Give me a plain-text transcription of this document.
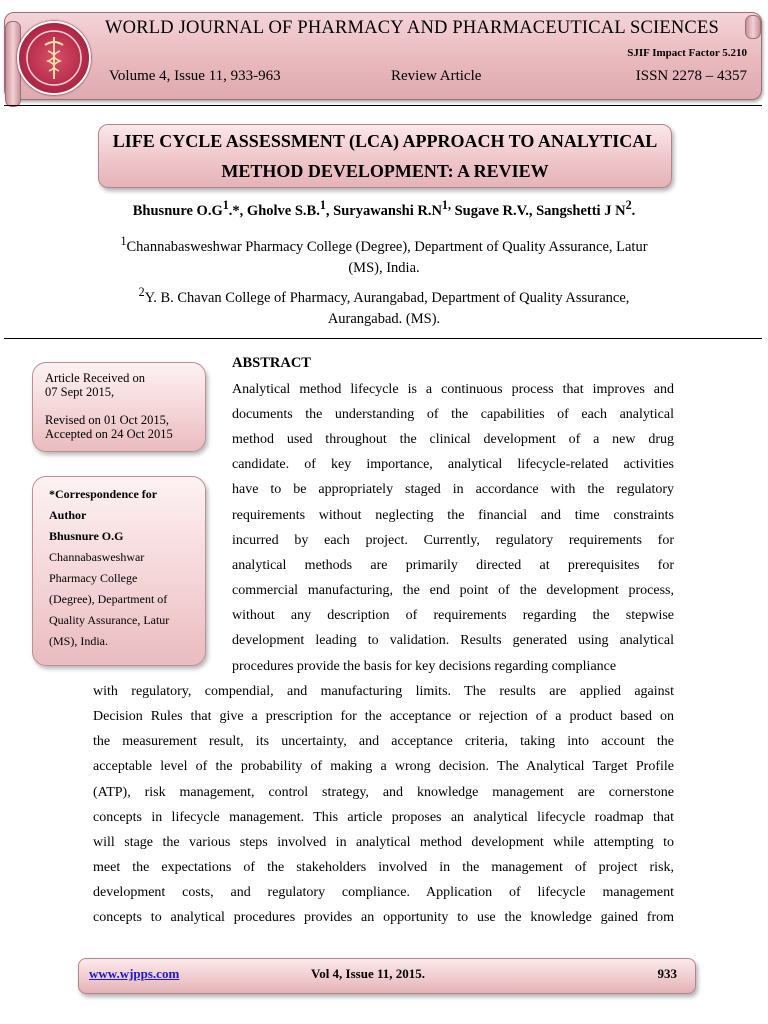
WORLD JOURNAL OF PHARMACY AND PHARMACEUTICAL SCIENCES
SJIF Impact Factor 5.210
Volume 4, Issue 11, 933-963	Review Article	ISSN 2278 – 4357
LIFE CYCLE ASSESSMENT (LCA) APPROACH TO ANALYTICAL
METHOD DEVELOPMENT: A REVIEW
Bhusnure $O.G^1.*$, Gholve S.B.$^1$, Suryawanshi $R.N^{1,}$ Sugave R.V., Sangshetti J $N^2$.
$^1$Channabasweshwar Pharmacy College (Degree), Department of Quality Assurance, Latur
(MS), India.
$^2$Y. B. Chavan College of Pharmacy, Aurangabad, Department of Quality Assurance,
Aurangabad. (MS).
Article Received on
07 Sept 2015,
Revised on 01 Oct 2015,
Accepted on 24 Oct 2015
*Correspondence for
Author
Bhusnure O.G
Channabasweshwar
Pharmacy College
(Degree), Department of
Quality Assurance, Latur
(MS), India.
ABSTRACT
Analytical method lifecycle is a continuous process that improves and
documents the understanding of the capabilities of each analytical
method used throughout the clinical development of a new drug
candidate. of key importance, analytical lifecycle-related activities
have to be appropriately staged in accordance with the regulatory
requirements without neglecting the financial and time constraints
incurred by each project. Currently, regulatory requirements for
analytical methods are primarily directed at prerequisites for
commercial manufacturing, the end point of the development process,
without any description of requirements regarding the stepwise
development leading to validation. Results generated using analytical
procedures provide the basis for key decisions regarding compliance
with regulatory, compendial, and manufacturing limits. The results are applied against
Decision Rules that give a prescription for the acceptance or rejection of a product based on
the measurement result, its uncertainty, and acceptance criteria, taking into account the
acceptable level of the probability of making a wrong decision. The Analytical Target Profile
(ATP), risk management, control strategy, and knowledge management are cornerstone
concepts in lifecycle management. This article proposes an analytical lifecycle roadmap that
will stage the various steps involved in analytical method development while attempting to
meet the expectations of the stakeholders involved in the management of project risk,
development costs, and regulatory compliance. Application of lifecycle management
concepts to analytical procedures provides an opportunity to use the knowledge gained from
www.wjpps.com	Vol 4, Issue 11, 2015.	933
